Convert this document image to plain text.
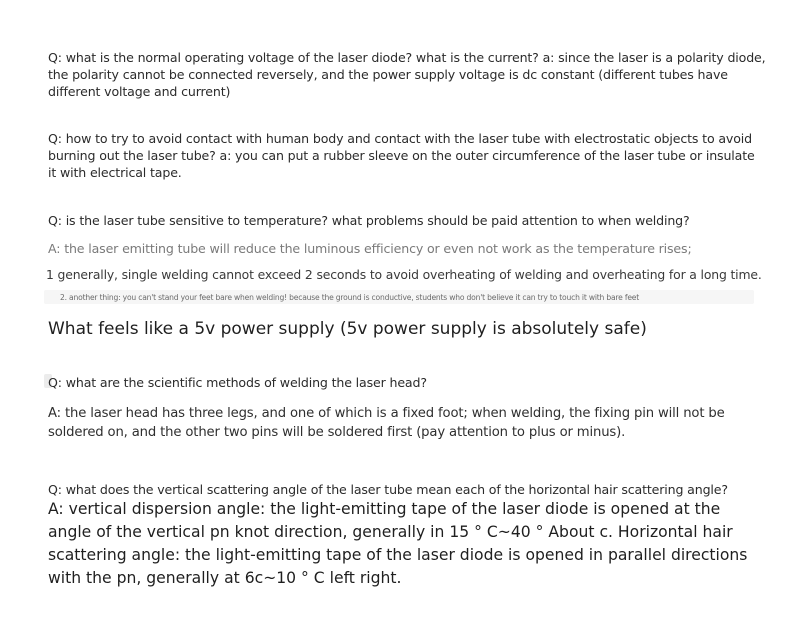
Q: what is the normal operating voltage of the laser diode? what is the current? a: since the laser is a polarity diode, the polarity cannot be connected reversely, and the power supply voltage is dc constant (different tubes have different voltage and current)

Q: how to try to avoid contact with human body and contact with the laser tube with electrostatic objects to avoid burning out the laser tube? a: you can put a rubber sleeve on the outer circumference of the laser tube or insulate it with electrical tape.

Q: is the laser tube sensitive to temperature? what problems should be paid attention to when welding?

A: the laser emitting tube will reduce the luminous efficiency or even not work as the temperature rises;

1 generally, single welding cannot exceed 2 seconds to avoid overheating of welding and overheating for a long time.

2. another thing: you can't stand your feet bare when welding! because the ground is conductive, students who don't believe it can try to touch it with bare feet

What feels like a 5v power supply (5v power supply is absolutely safe)

Q: what are the scientific methods of welding the laser head?

A: the laser head has three legs, and one of which is a fixed foot; when welding, the fixing pin will not be soldered on, and the other two pins will be soldered first (pay attention to plus or minus).

Q: what does the vertical scattering angle of the laser tube mean each of the horizontal hair scattering angle?

A: vertical dispersion angle: the light-emitting tape of the laser diode is opened at the angle of the vertical pn knot direction, generally in 15 ° C~40 ° About c. Horizontal hair scattering angle: the light-emitting tape of the laser diode is opened in parallel directions with the pn, generally at 6c~10 ° C left right.
